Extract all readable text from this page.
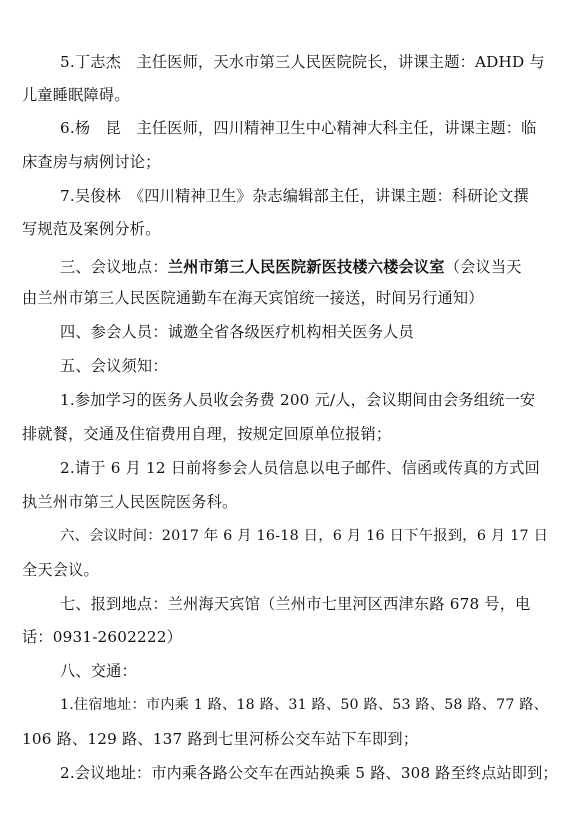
5.丁志杰　主任医师，天水市第三人民医院院长，讲课主题：ADHD 与
儿童睡眠障碍。
6.杨　昆　主任医师，四川精神卫生中心精神大科主任，讲课主题：临
床查房与病例讨论；
7.吴俊林　《四川精神卫生》杂志编辑部主任，讲课主题：科研论文撰
写规范及案例分析。
三、会议地点：兰州市第三人民医院新医技楼六楼会议室（会议当天
由兰州市第三人民医院通勤车在海天宾馆统一接送，时间另行通知）
四、参会人员：诚邀全省各级医疗机构相关医务人员
五、会议须知：
1.参加学习的医务人员收会务费 200 元/人，会议期间由会务组统一安
排就餐，交通及住宿费用自理，按规定回原单位报销；
2.请于 6 月 12 日前将参会人员信息以电子邮件、信函或传真的方式回
执兰州市第三人民医院医务科。
六、会议时间：2017 年 6 月 16-18 日，6 月 16 日下午报到，6 月 17 日
全天会议。
七、报到地点：兰州海天宾馆（兰州市七里河区西津东路 678 号，电
话：0931-2602222）
八、交通：
1.住宿地址：市内乘 1 路、18 路、31 路、50 路、53 路、58 路、77 路、
106 路、129 路、137 路到七里河桥公交车站下车即到；
2.会议地址：市内乘各路公交车在西站换乘 5 路、308 路至终点站即到；
